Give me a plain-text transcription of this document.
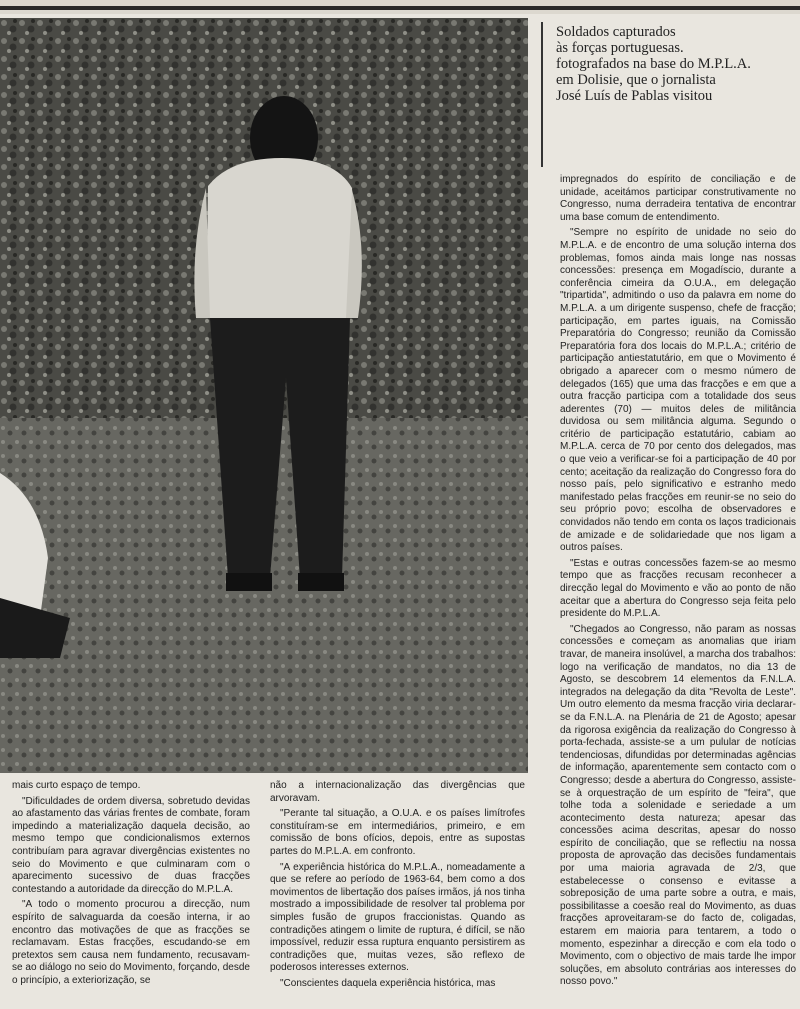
Soldados capturados
às forças portuguesas.
fotografados na base do M.P.L.A.
em Dolisie, que o jornalista
José Luís de Pablas visitou

impregnados do espírito de conciliação e de unidade, aceitámos participar construtivamente no Congresso, numa derradeira tentativa de encontrar uma base comum de entendimento.

"Sempre no espírito de unidade no seio do M.P.L.A. e de encontro de uma solução interna dos problemas, fomos ainda mais longe nas nossas concessões: presença em Mogadíscio, durante a conferência cimeira da O.U.A., em delegação "tripartida", admitindo o uso da palavra em nome do M.P.L.A. a um dirigente suspenso, chefe de fracção; participação, em partes iguais, na Comissão Preparatória do Congresso; reunião da Comissão Preparatória fora dos locais do M.P.L.A.; critério de participação antiestatutário, em que o Movimento é obrigado a aparecer com o mesmo número de delegados (165) que uma das fracções e em que a outra fracção participa com a totalidade dos seus aderentes (70) — muitos deles de militância duvidosa ou sem militância alguma. Segundo o critério de participação estatutário, cabiam ao M.P.L.A. cerca de 70 por cento dos delegados, mas o que veio a verificar-se foi a participação de 40 por cento; aceitação da realização do Congresso fora do nosso país, pelo significativo e estranho medo manifestado pelas fracções em reunir-se no seio do seu próprio povo; escolha de observadores e convidados não tendo em conta os laços tradicionais de amizade e de solidariedade que nos ligam a outros países.

"Estas e outras concessões fazem-se ao mesmo tempo que as fracções recusam reconhecer a direcção legal do Movimento e vão ao ponto de não aceitar que a abertura do Congresso seja feita pelo presidente do M.P.L.A.

"Chegados ao Congresso, não param as nossas concessões e começam as anomalias que iriam travar, de maneira insolúvel, a marcha dos trabalhos: logo na verificação de mandatos, no dia 13 de Agosto, se descobrem 14 elementos da F.N.L.A. integrados na delegação da dita "Revolta de Leste". Um outro elemento da mesma fracção viria declarar-se da F.N.L.A. na Plenária de 21 de Agosto; apesar da rigorosa exigência da realização do Congresso à porta-fechada, assiste-se a um pulular de notícias tendenciosas, difundidas por determinadas agências de informação, aparentemente sem contacto com o Congresso; desde a abertura do Congresso, assiste-se à orquestração de um espírito de "feira", que tolhe toda a solenidade e seriedade a um acontecimento desta natureza; apesar das concessões acima descritas, apesar do nosso espírito de conciliação, que se reflectiu na nossa proposta de aprovação das decisões fundamentais por uma maioria agravada de 2/3, que estabelecesse o consenso e evitasse a sobreposição de uma parte sobre a outra, e mais, possibilitasse a coesão real do Movimento, as duas fracções aproveitaram-se do facto de, coligadas, estarem em maioria para tentarem, a todo o momento, espezinhar a direcção e com ela todo o Movimento, com o objectivo de mais tarde lhe impor soluções, em absoluto contrárias aos interesses do nosso povo."

mais curto espaço de tempo.

"Dificuldades de ordem diversa, sobretudo devidas ao afastamento das várias frentes de combate, foram impedindo a materialização daquela decisão, ao mesmo tempo que condicionalismos externos contribuíam para agravar divergências existentes no seio do Movimento e que culminaram com o aparecimento sucessivo de duas fracções contestando a autoridade da direcção do M.P.L.A.

"A todo o momento procurou a direcção, num espírito de salvaguarda da coesão interna, ir ao encontro das motivações de que as fracções se reclamavam. Estas fracções, escudando-se em pretextos sem causa nem fundamento, recusavam-se ao diálogo no seio do Movimento, forçando, desde o princípio, a exteriorização, se

não a internacionalização das divergências que arvoravam.

"Perante tal situação, a O.U.A. e os países limítrofes constituíram-se em intermediários, primeiro, e em comissão de bons ofícios, depois, entre as supostas partes do M.P.L.A. em confronto.

"A experiência histórica do M.P.L.A., nomeadamente a que se refere ao período de 1963-64, bem como a dos movimentos de libertação dos países irmãos, já nos tinha mostrado a impossibilidade de resolver tal problema por simples fusão de grupos fraccionistas. Quando as contradições atingem o limite de ruptura, é difícil, se não impossível, reduzir essa ruptura enquanto persistirem as contradições que, muitas vezes, são reflexo de poderosos interesses externos.

"Conscientes daquela experiência histórica, mas
